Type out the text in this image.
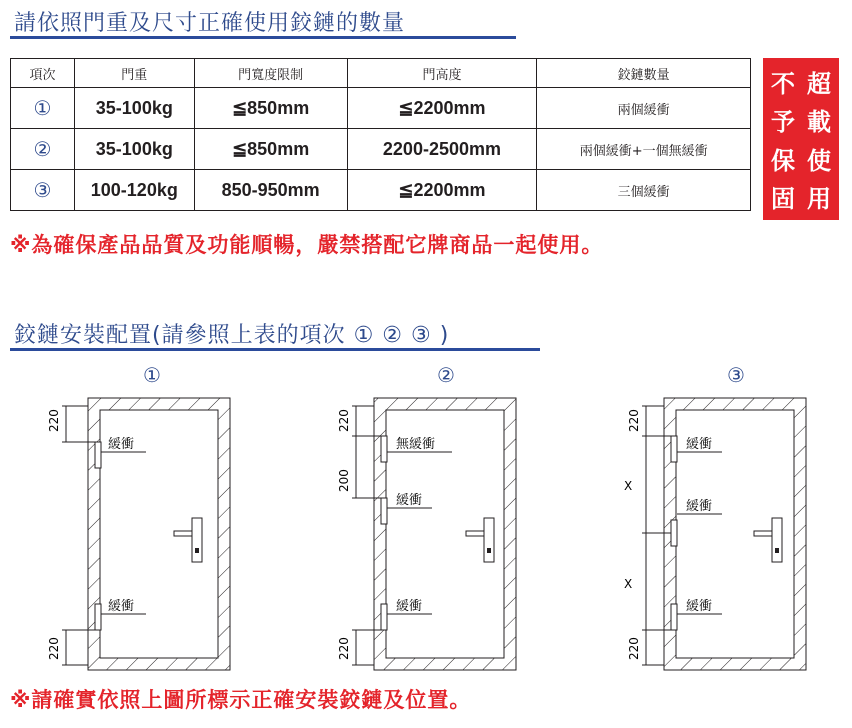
請依照門重及尺寸正確使用鉸鏈的數量
項次	門重	門寬度限制	門高度	鉸鏈數量
①	35-100kg	≦850mm	≦2200mm	兩個緩衝
②	35-100kg	≦850mm	2200-2500mm	兩個緩衝+一個無緩衝
③	100-120kg	850-950mm	≦2200mm	三個緩衝
不 超
予 載
保 使
固 用
※為確保產品品質及功能順暢，嚴禁搭配它牌商品一起使用。
鉸鏈安裝配置(請參照上表的項次 ① ② ③ )
①	②	③
緩衝
緩衝
220
220
無緩衝
緩衝
緩衝
220
200
220
緩衝
緩衝
緩衝
220
X
X
220
※請確實依照上圖所標示正確安裝鉸鏈及位置。
